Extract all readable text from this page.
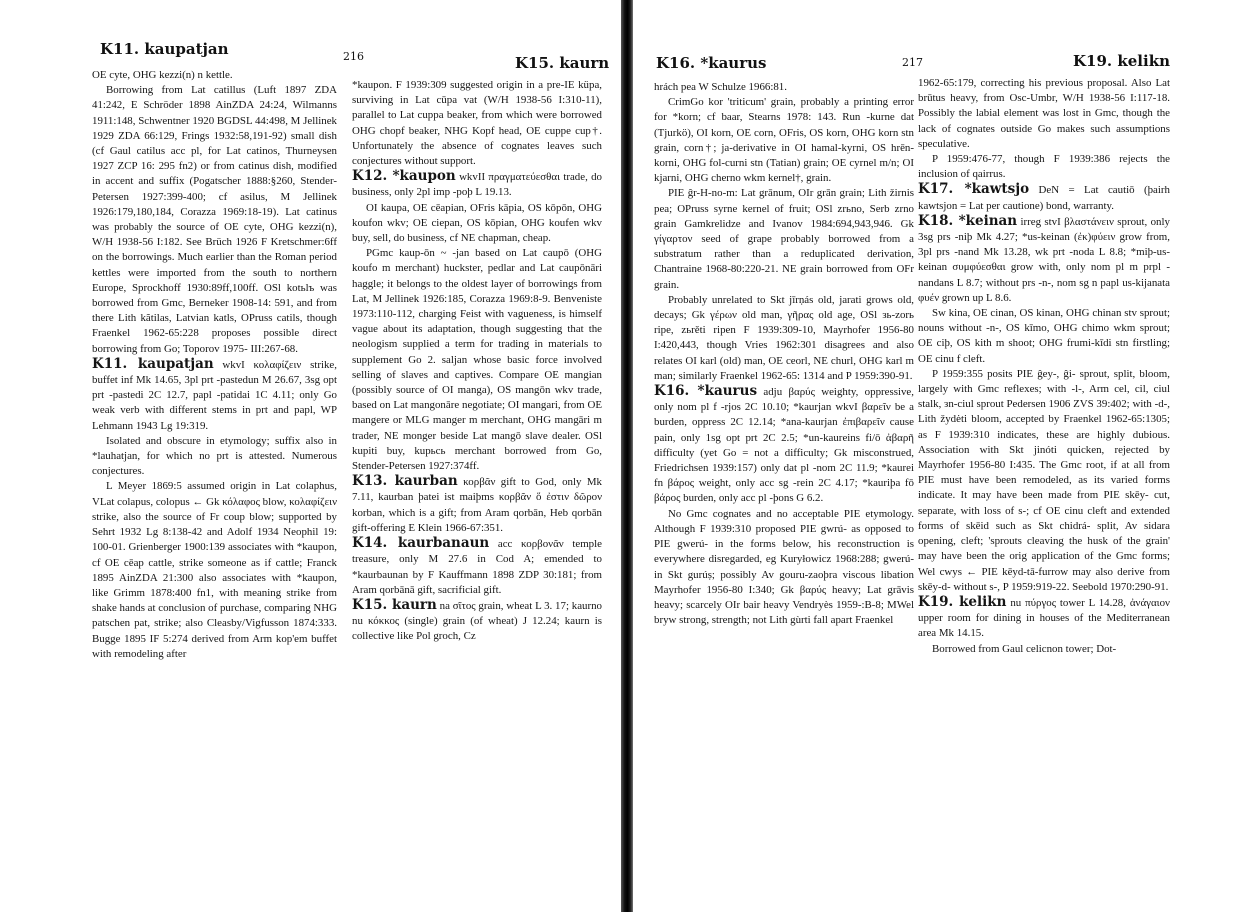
K11. kaupatjan	216	K15. kaurn

OE cyte, OHG kezzi(n) n kettle.

Borrowing from Lat catillus (Luft 1897 ZDA 41:242, E Schröder 1898 AinZDA 24:24, Wilmanns 1911:148, Schwentner 1920 BGDSL 44:498, M Jellinek 1929 ZDA 66:129, Frings 1932:58,191-92) small dish (cf Gaul catilus acc pl, for Lat catinos, Thurneysen 1927 ZCP 16: 295 fn2) or from catinus dish, modified in accent and suffix (Pogatscher 1888:§260, Stender-Petersen 1927:399-400; cf asilus, M Jellinek 1926:179,180,184, Corazza 1969:18-19). Lat catinus was probably the source of OE cyte, OHG kezzi(n), W/H 1938-56 I:182. See Brüch 1926 F Kretschmer:6ff on the borrowings. Much earlier than the Roman period kettles were imported from the south to northern Europe, Sprockhoff 1930:89ff,100ff. OSl kotьlъ was borrowed from Gmc, Berneker 1908-14: 591, and from there Lith kãtilas, Latvian katls, OPruss catils, though Fraenkel 1962-65:228 proposes possible direct borrowing from Go; Toporov 1975- III:267-68.

K11. kaupatjan wkvI κολαφίζειν strike, buffet inf Mk 14.65, 3pl prt -pastedun M 26.67, 3sg opt prt -pastedi 2C 12.7, papl -patidai 1C 4.11; only Go weak verb with different stems in prt and papl, WP Lehmann 1943 Lg 19:319.

Isolated and obscure in etymology; suffix also in *lauhatjan, for which no prt is attested. Numerous conjectures.

L Meyer 1869:5 assumed origin in Lat colaphus, VLat colapus, colopus ← Gk κόλαφος blow, κολαφίζειν strike, also the source of Fr coup blow; supported by Sehrt 1932 Lg 8:138-42 and Adolf 1934 Neophil 19: 100-01. Grienberger 1900:139 associates with *kaupon, cf OE cēap cattle, strike someone as if cattle; Franck 1895 AinZDA 21:300 also associates with *kaupon, like Grimm 1878:400 fn1, with meaning strike from shake hands at conclusion of purchase, comparing NHG patschen pat, strike; also Cleasby/Vigfusson 1874:333. Bugge 1895 IF 5:274 derived from Arm kop'em buffet with remodeling after

*kaupon. F 1939:309 suggested origin in a pre-IE küpa, surviving in Lat cūpa vat (W/H 1938-56 I:310-11), parallel to Lat cuppa beaker, from which were borrowed OHG chopf beaker, NHG Kopf head, OE cuppe cup†. Unfortunately the absence of cognates leaves such conjectures without support.

K12. *kaupon wkvII πραγματεύεσθαι trade, do business, only 2pl imp -poþ L 19.13.

OI kaupa, OE cēapian, OFris kāpia, OS kōpōn, OHG koufon wkv; OE ciepan, OS kōpian, OHG koufen wkv buy, sell, do business, cf NE chapman, cheap.

PGmc kaup-ōn ~ -jan based on Lat caupō (OHG koufo m merchant) huckster, pedlar and Lat caupōnāri haggle; it belongs to the oldest layer of borrowings from Lat, M Jellinek 1926:185, Corazza 1969:8-9. Benveniste 1973:110-112, charging Feist with vagueness, is himself vague about its adaptation, though suggesting that the neologism supplied a term for trading in materials to supplement Go 2. saljan whose basic force involved selling of slaves and captives. Compare OE mangian (possibly source of OI manga), OS mangōn wkv trade, based on Lat mangonāre negotiate; OI mangari, from OE mangere or MLG manger m merchant, OHG mangāri m trader, NE monger beside Lat mangō slave dealer. OSl kupiti buy, kupьcь merchant borrowed from Go, Stender-Petersen 1927:374ff.

K13. kaurban κορβᾶν gift to God, only Mk 7.11, kaurban þatei ist maiþms κορβᾶν ὅ ἐστιν δῶρον korban, which is a gift; from Aram qorbān, Heb qorbān gift-offering E Klein 1966-67:351.
K14. kaurbanaun acc κορβονᾶν temple treasure, only M 27.6 in Cod A; emended to *kaurbaunan by F Kauffmann 1898 ZDP 30:181; from Aram qorbānā gift, sacrificial gift.
K15. kaurn na σῖτος grain, wheat L 3. 17; kaurno nu κόκκος (single) grain (of wheat) J 12.24; kaurn is collective like Pol groch, Cz
K16. *kaurus	217	K19. kelikn

hrách pea W Schulze 1966:81.

CrimGo kor 'triticum' grain, probably a printing error for *korn; cf baar, Stearns 1978: 143. Run -kurne dat (Tjurkö), OI korn, OE corn, OFris, OS korn, OHG korn stn grain, corn†; ja-derivative in OI hamal-kyrni, OS hrēn-korni, OHG fol-curni stn (Tatian) grain; OE cyrnel m/n; OI kjarni, OHG cherno wkm kernel†, grain.

PIE ĝr-H-no-m: Lat grānum, OIr grān grain; Lith žirnis pea; OPruss syrne kernel of fruit; OSl zrьno, Serb zrno grain Gamkrelidze and Ivanov 1984:694,943,946. Gk γίγαρτον seed of grape probably borrowed from a substratum rather than a reduplicated derivation, Chantraine 1968-80:220-21. NE grain borrowed from OFr grain.

Probably unrelated to Skt jīrṇás old, jarati grows old, decays; Gk γέρων old man, γῆρας old age, OSl зь-zorь ripe, zьrěti ripen F 1939:309-10, Mayrhofer 1956-80 I:420,443, though Vries 1962:301 disagrees and also relates OI karl (old) man, OE ceorl, NE churl, OHG karl m man; similarly Fraenkel 1962-65: 1314 and P 1959:390-91.

K16. *kaurus adju βαρύς weighty, oppressive, only nom pl f -rjos 2C 10.10; *kaurjan wkvI βαρεῖν be a burden, oppress 2C 12.14; *ana-kaurjan ἐπιβαρεῖν cause pain, only 1sg opt prt 2C 2.5; *un-kaureins fi/ō ἀβαρῆ difficulty (yet Go = not a difficulty; Gk misconstrued, Friedrichsen 1939:157) only dat pl -nom 2C 11.9; *kaurei fn βάρος weight, only acc sg -rein 2C 4.17; *kauriþa fō βάρος burden, only acc pl -þons G 6.2.

No Gmc cognates and no acceptable PIE etymology. Although F 1939:310 proposed PIE gwrú- as opposed to PIE gwerú- in the forms below, his reconstruction is everywhere disregarded, eg Kuryłowicz 1968:288; gwerú- in Skt gurúṣ; possibly Av gouru-zaoþra viscous libation Mayrhofer 1956-80 I:340; Gk βαρύς heavy; Lat grāvis heavy; scarcely OIr bair heavy Vendryès 1959-:B-8; MWel bryw strong, strength; not Lith gùrti fall apart Fraenkel

1962-65:179, correcting his previous proposal. Also Lat brūtus heavy, from Osc-Umbr, W/H 1938-56 I:117-18. Possibly the labial element was lost in Gmc, though the lack of cognates outside Go makes such assumptions speculative.

P 1959:476-77, though F 1939:386 rejects the inclusion of qairrus.

K17. *kawtsjo DeN = Lat cautiō (þairh kawtsjon = Lat per cautione) bond, warranty.
K18. *keinan irreg stvI βλαστάνειν sprout, only 3sg prs -niþ Mk 4.27; *us-keinan (ἐκ)φύειν grow from, 3pl prs -nand Mk 13.28, wk prt -noda L 8.8; *miþ-us-keinan συμφύεσθαι grow with, only nom pl m prpl -nandans L 8.7; without prs -n-, nom sg n papl us-kijanata φυέν grown up L 8.6.

Sw kina, OE cinan, OS kinan, OHG chinan stv sprout; nouns without -n-, OS kīmo, OHG chimo wkm sprout; OE ciþ, OS kith m shoot; OHG frumi-kīdi stn firstling; OE cinu f cleft.

P 1959:355 posits PIE ĝey-, ĝi- sprout, split, bloom, largely with Gmc reflexes; with -l-, Arm cel, cil, ciul stalk, зn-ciul sprout Pedersen 1906 ZVS 39:402; with -d-, Lith žydėti bloom, accepted by Fraenkel 1962-65:1305; as F 1939:310 indicates, these are highly dubious. Association with Skt jinóti quicken, rejected by Mayrhofer 1956-80 I:435. The Gmc root, if at all from PIE must have been remodeled, as its varied forms indicate. It may have been made from PIE skēy- cut, separate, with loss of s-; cf OE cinu cleft and extended forms of skēid such as Skt chidrá- split, Av sidara opening, cleft; 'sprouts cleaving the husk of the grain' may have been the orig application of the Gmc forms; Wel cwys ← PIE kēyd-tā-furrow may also derive from skēy-d- without s-, P 1959:919-22. Seebold 1970:290-91.

K19. kelikn nu πύργος tower L 14.28, ἀνάγαιον upper room for dining in houses of the Mediterranean area Mk 14.15.

Borrowed from Gaul celicnon tower; Dot-
